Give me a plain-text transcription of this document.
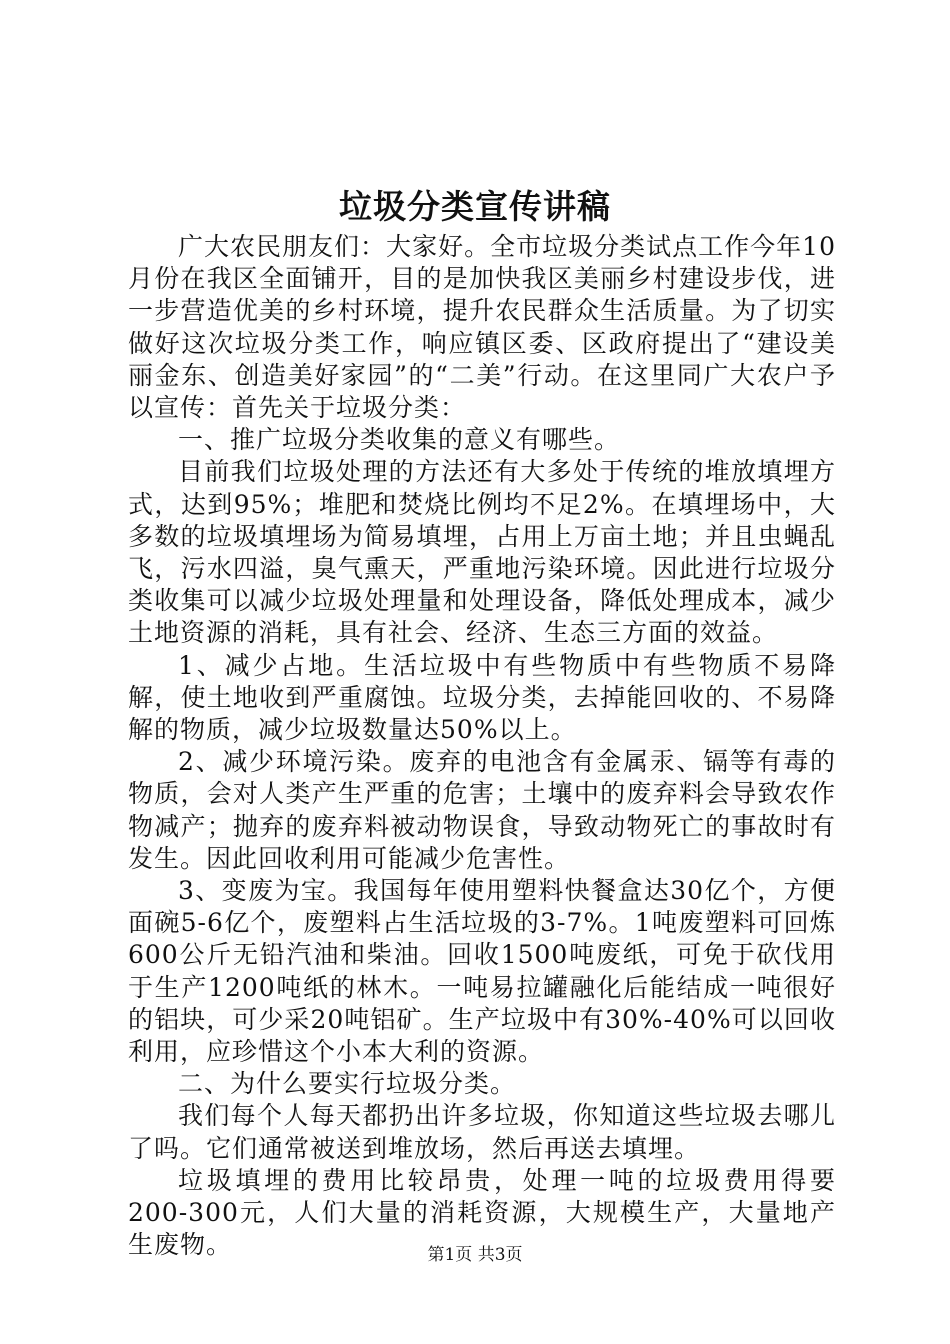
垃圾分类宣传讲稿

广大农民朋友们：大家好。全市垃圾分类试点工作今年10月份在我区全面铺开，目的是加快我区美丽乡村建设步伐，进一步营造优美的乡村环境，提升农民群众生活质量。为了切实做好这次垃圾分类工作，响应镇区委、区政府提出了“建设美丽金东、创造美好家园”的“二美”行动。在这里同广大农户予以宣传：首先关于垃圾分类：

一、推广垃圾分类收集的意义有哪些。

目前我们垃圾处理的方法还有大多处于传统的堆放填埋方式，达到95%；堆肥和焚烧比例均不足2%。在填埋场中，大多数的垃圾填埋场为简易填埋，占用上万亩土地；并且虫蝇乱飞，污水四溢，臭气熏天，严重地污染环境。因此进行垃圾分类收集可以减少垃圾处理量和处理设备，降低处理成本，减少土地资源的消耗，具有社会、经济、生态三方面的效益。

1、减少占地。生活垃圾中有些物质中有些物质不易降解，使土地收到严重腐蚀。垃圾分类，去掉能回收的、不易降解的物质，减少垃圾数量达50%以上。

2、减少环境污染。废弃的电池含有金属汞、镉等有毒的物质，会对人类产生严重的危害；土壤中的废弃料会导致农作物减产；抛弃的废弃料被动物误食，导致动物死亡的事故时有发生。因此回收利用可能减少危害性。

3、变废为宝。我国每年使用塑料快餐盒达30亿个，方便面碗5-6亿个，废塑料占生活垃圾的3-7%。1吨废塑料可回炼600公斤无铅汽油和柴油。回收1500吨废纸，可免于砍伐用于生产1200吨纸的林木。一吨易拉罐融化后能结成一吨很好的铝块，可少采20吨铝矿。生产垃圾中有30%-40%可以回收利用，应珍惜这个小本大利的资源。

二、为什么要实行垃圾分类。

我们每个人每天都扔出许多垃圾，你知道这些垃圾去哪儿了吗。它们通常被送到堆放场，然后再送去填埋。

垃圾填埋的费用比较昂贵，处理一吨的垃圾费用得要200-300元，人们大量的消耗资源，大规模生产，大量地产生废物。	第1页 共3页
